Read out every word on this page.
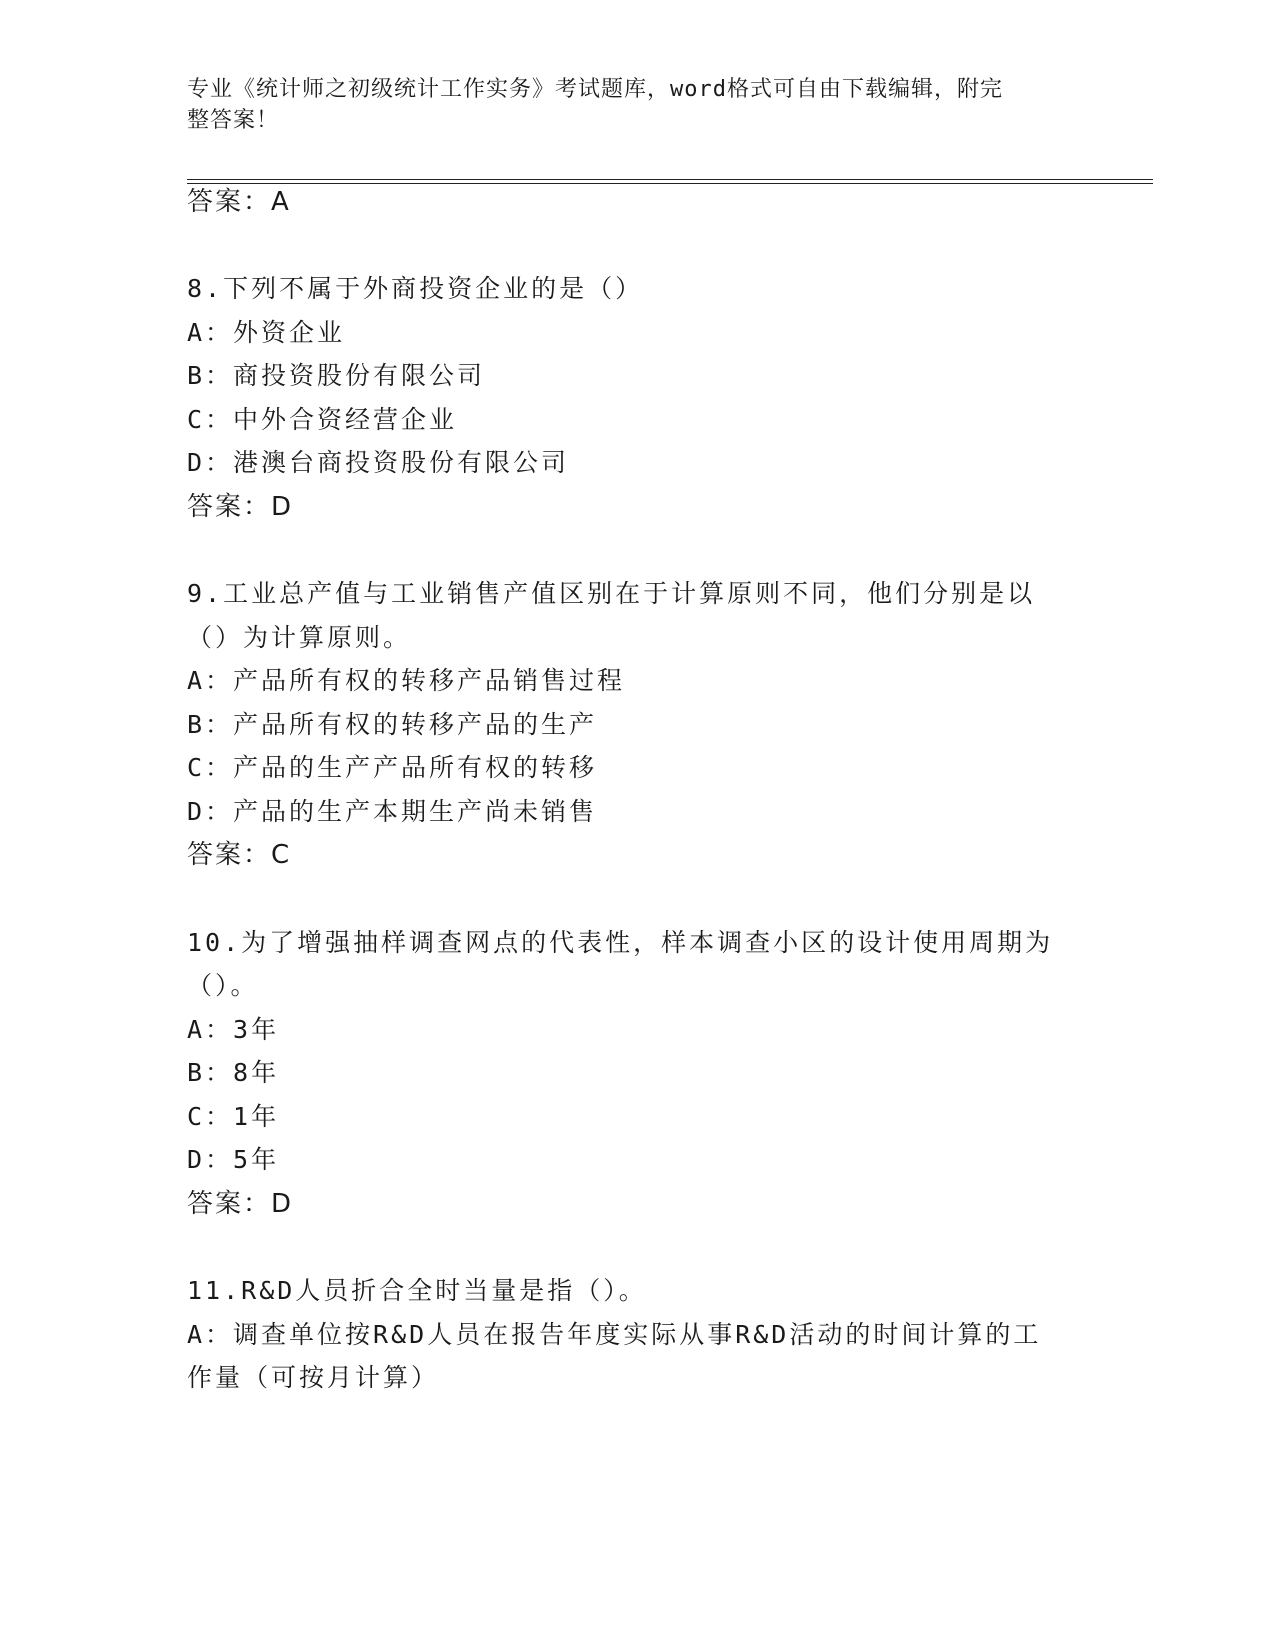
专业《统计师之初级统计工作实务》考试题库，word格式可自由下载编辑，附完
整答案！
答案：A
8.下列不属于外商投资企业的是（）
A：外资企业
B：商投资股份有限公司
C：中外合资经营企业
D：港澳台商投资股份有限公司
答案：D
9.工业总产值与工业销售产值区别在于计算原则不同，他们分别是以
（）为计算原则。
A：产品所有权的转移产品销售过程
B：产品所有权的转移产品的生产
C：产品的生产产品所有权的转移
D：产品的生产本期生产尚未销售
答案：C
10.为了增强抽样调查网点的代表性，样本调查小区的设计使用周期为
（）。
A：3年
B：8年
C：1年
D：5年
答案：D
11.R&D人员折合全时当量是指（）。
A：调查单位按R&D人员在报告年度实际从事R&D活动的时间计算的工
作量（可按月计算）
